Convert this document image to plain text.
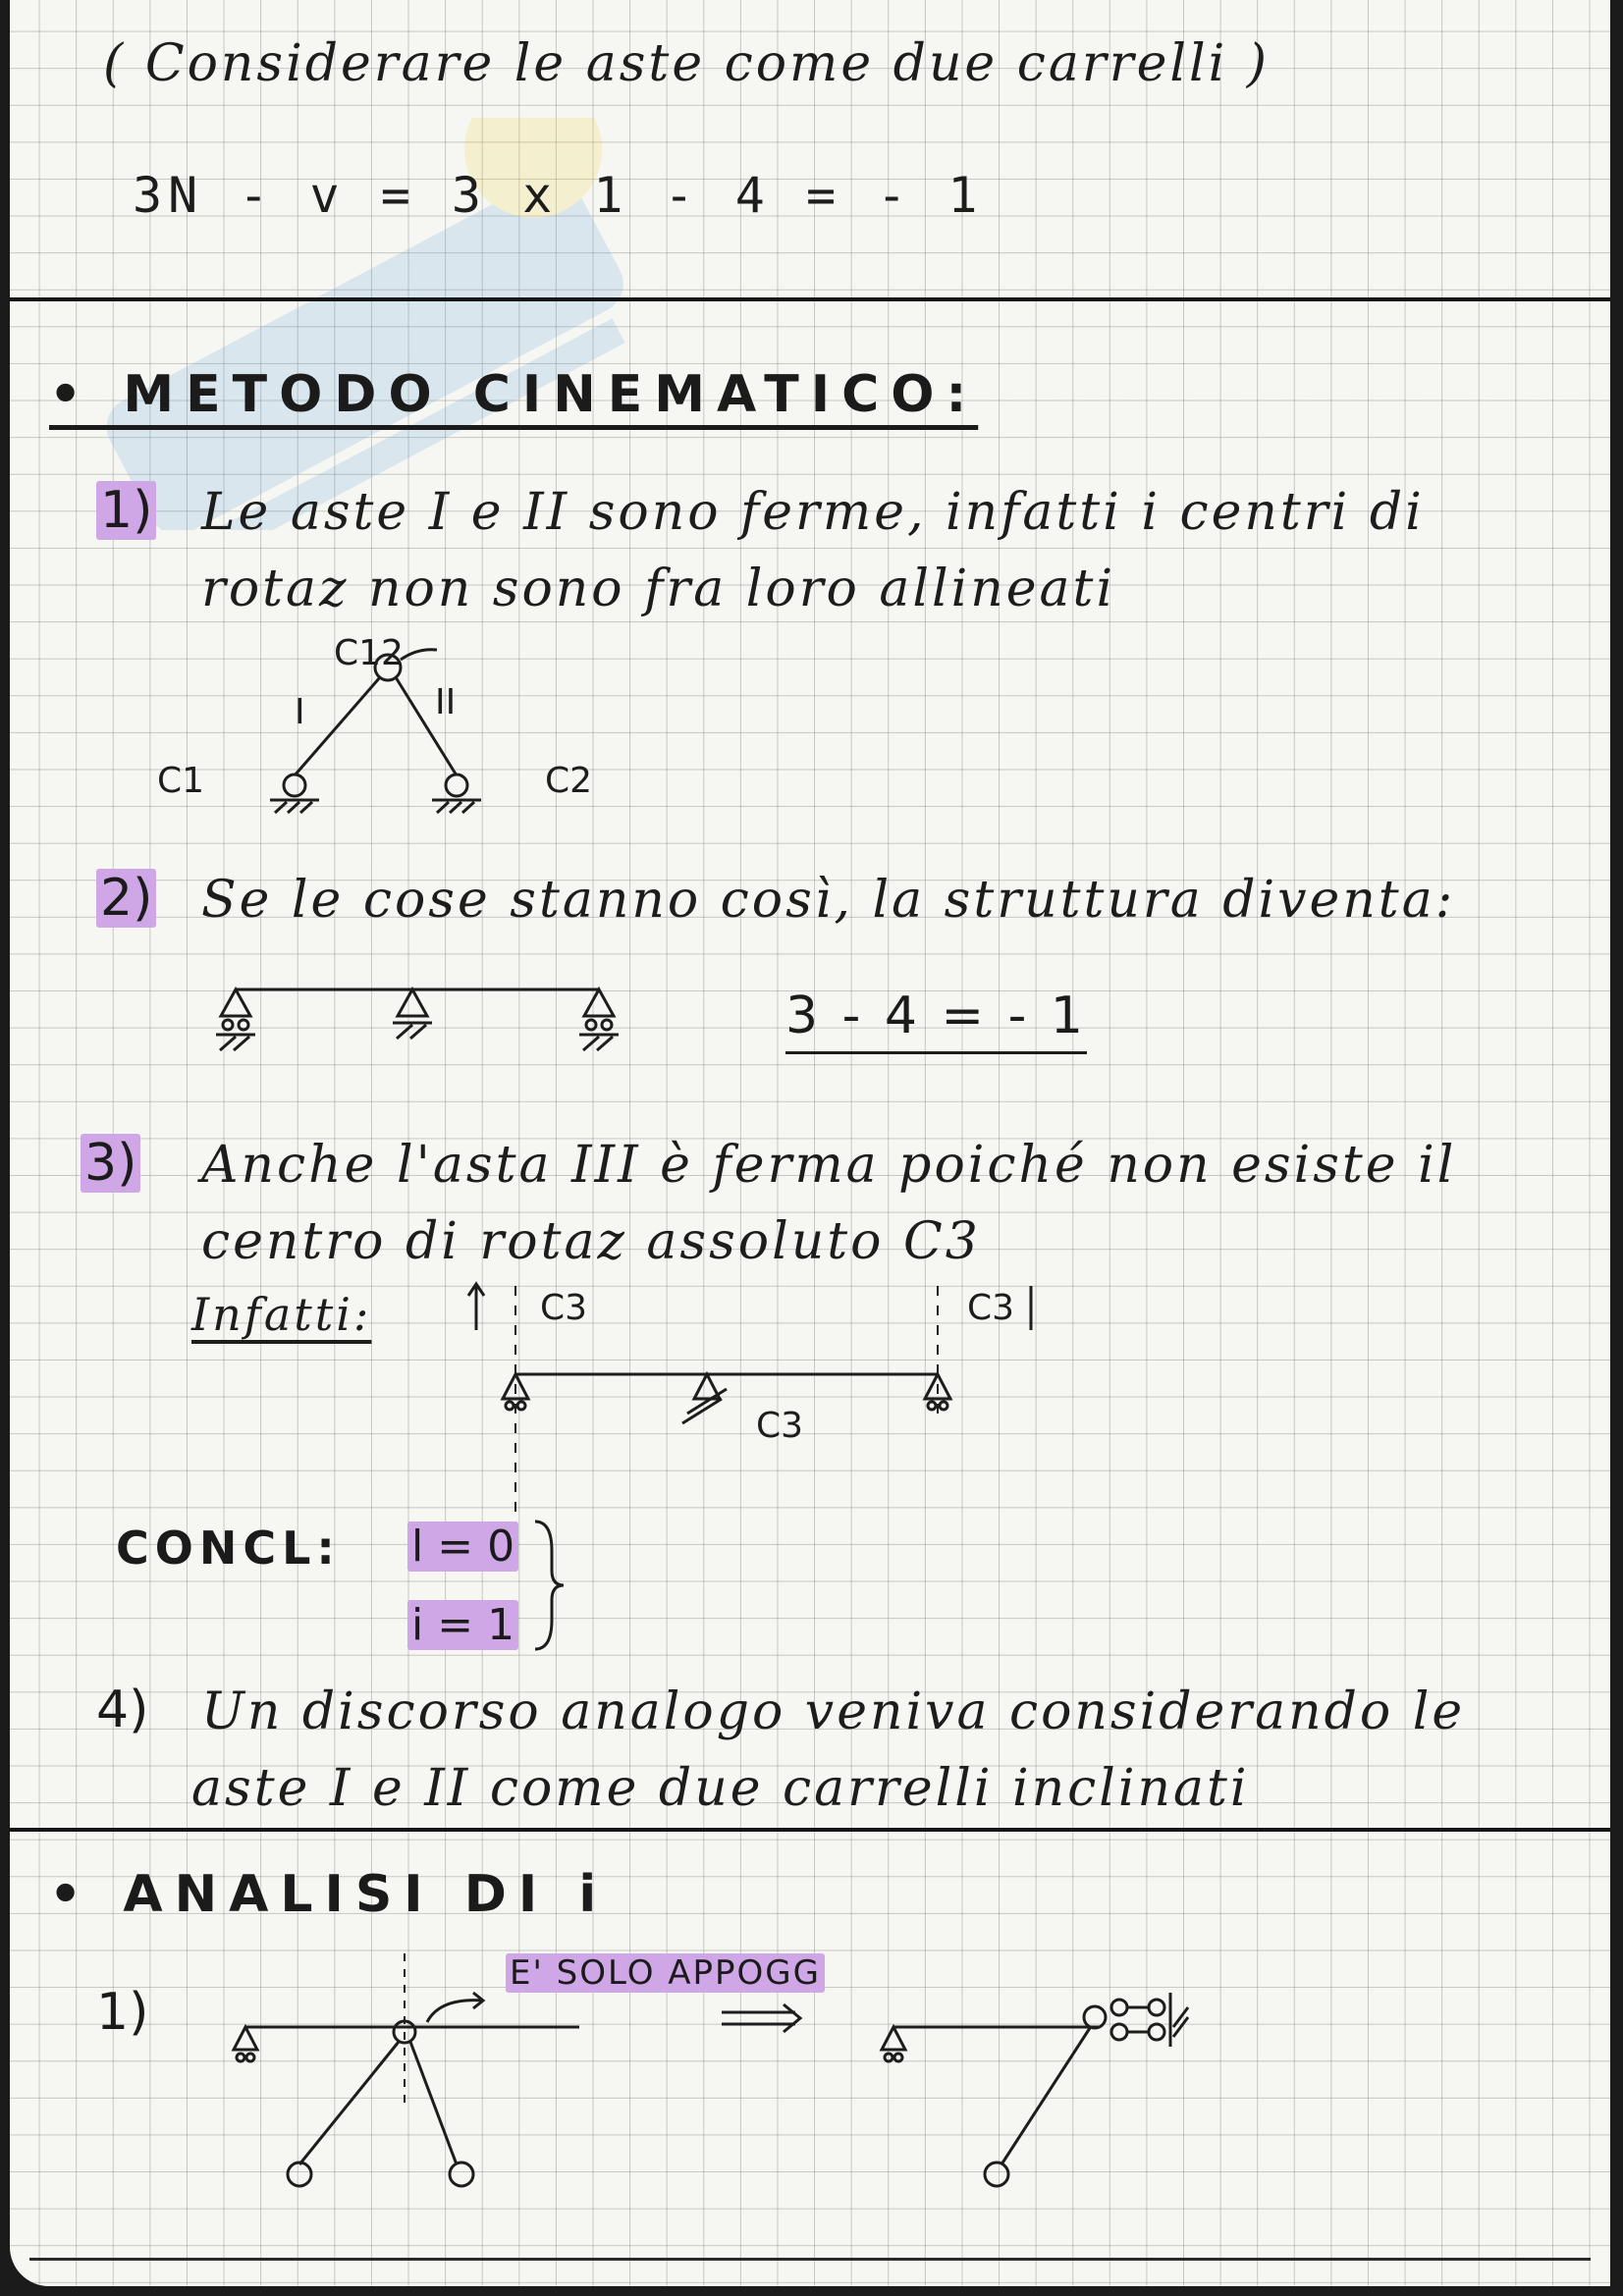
( Considerare le aste come due carrelli )
3N - v = 3 x 1 - 4 = - 1
• METODO CINEMATICO:
1) Le aste I e II sono ferme, infatti i centri di
rotaz non sono fra loro allineati
C12
I	II
C1	C2
2) Se le cose stanno così, la struttura diventa:
3 - 4 = - 1
3) Anche l'asta III è ferma poiché non esiste il
centro di rotaz assoluto C3
Infatti:	C3	C3
C3
CONCL: l = 0
i = 1
4) Un discorso analogo veniva considerando le
aste I e II come due carrelli inclinati
• ANALISI DI i
1)
E' SOLO APPOGG
